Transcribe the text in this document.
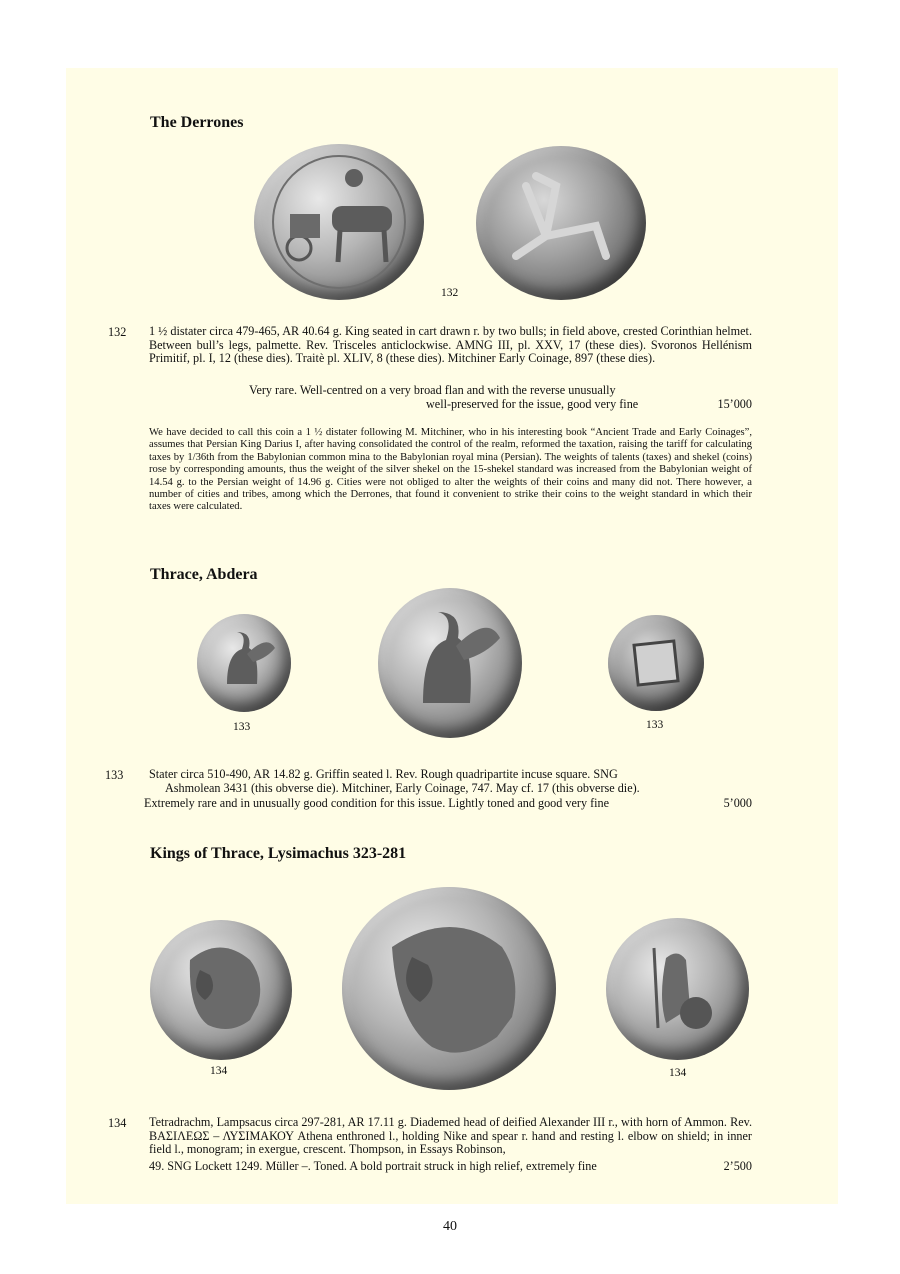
The Derrones
132
132 1 ½ distater circa 479-465, AR 40.64 g. King seated in cart drawn r. by two bulls; in field above, crested Corinthian helmet. Between bull’s legs, palmette. Rev. Trisceles anticlockwise. AMNG III, pl. XXV, 17 (these dies). Svoronos Hellénism Primitif, pl. I, 12 (these dies). Traitè pl. XLIV, 8 (these dies). Mitchiner Early Coinage, 897 (these dies).
Very rare. Well-centred on a very broad flan and with the reverse unusually
well-preserved for the issue, good very fine	15’000
We have decided to call this coin a 1 ½ distater following M. Mitchiner, who in his interesting book “Ancient Trade and Early Coinages”, assumes that Persian King Darius I, after having consolidated the control of the realm, reformed the taxation, raising the tariff for calculating taxes by 1/36th from the Babylonian common mina to the Babylonian royal mina (Persian). The weights of talents (taxes) and shekel (coins) rose by corresponding amounts, thus the weight of the silver shekel on the 15-shekel standard was increased from the Babylonian weight of 14.54 g. to the Persian weight of 14.96 g. Cities were not obliged to alter the weights of their coins and many did not. There however, a number of cities and tribes, among which the Derrones, that found it convenient to strike their coins to the weight standard in which their taxes were calculated.
Thrace, Abdera
133	133
133 Stater circa 510-490, AR 14.82 g. Griffin seated l. Rev. Rough quadripartite incuse square. SNG
Ashmolean 3431 (this obverse die). Mitchiner, Early Coinage, 747. May cf. 17 (this obverse die).
Extremely rare and in unusually good condition for this issue. Lightly toned and good very fine	5’000
Kings of Thrace, Lysimachus 323-281
134	134
134 Tetradrachm, Lampsacus circa 297-281, AR 17.11 g. Diademed head of deified Alexander III r., with horn of Ammon. Rev. ΒΑΣΙΛΕΩΣ – ΛΥΣΙΜΑΚΟΥ Athena enthroned l., holding Nike and spear r. hand and resting l. elbow on shield; in inner field l., monogram; in exergue, crescent. Thompson, in Essays Robinson,
49. SNG Lockett 1249. Müller –. Toned. A bold portrait struck in high relief, extremely fine	2’500
40
